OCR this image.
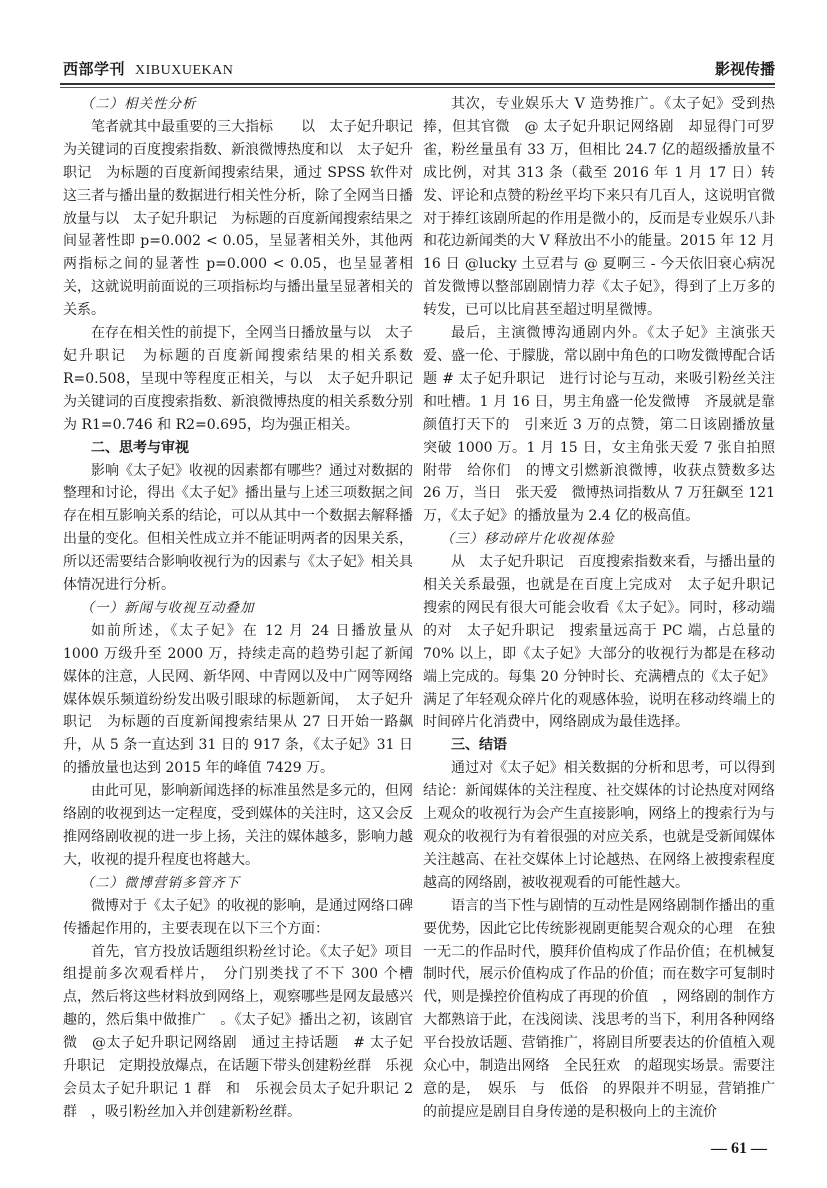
西部学刊 XIBUXUEKAN	影视传播
（二）相关性分析

笔者就其中最重要的三大指标　　以　太子妃升职记　为关键词的百度搜索指数、新浪微博热度和以　太子妃升职记　为标题的百度新闻搜索结果，通过 SPSS 软件对这三者与播出量的数据进行相关性分析，除了全网当日播放量与以　太子妃升职记　为标题的百度新闻搜索结果之间显著性即 p=0.002 < 0.05，呈显著相关外，其他两两指标之间的显著性 p=0.000 < 0.05，也呈显著相关，这就说明前面说的三项指标均与播出量呈显著相关的关系。

在存在相关性的前提下，全网当日播放量与以　太子妃升职记　为标题的百度新闻搜索结果的相关系数 R=0.508，呈现中等程度正相关，与以　太子妃升职记　为关键词的百度搜索指数、新浪微博热度的相关系数分别为 R1=0.746 和 R2=0.695，均为强正相关。

二、思考与审视

影响《太子妃》收视的因素都有哪些？通过对数据的整理和讨论，得出《太子妃》播出量与上述三项数据之间存在相互影响关系的结论，可以从其中一个数据去解释播出量的变化。但相关性成立并不能证明两者的因果关系，所以还需要结合影响收视行为的因素与《太子妃》相关具体情况进行分析。

（一）新闻与收视互动叠加

如前所述，《太子妃》在 12 月 24 日播放量从 1000 万级升至 2000 万，持续走高的趋势引起了新闻媒体的注意，人民网、新华网、中青网以及中广网等网络媒体娱乐频道纷纷发出吸引眼球的标题新闻，　太子妃升职记　为标题的百度新闻搜索结果从 27 日开始一路飙升，从 5 条一直达到 31 日的 917 条，《太子妃》31 日的播放量也达到 2015 年的峰值 7429 万。

由此可见，影响新闻选择的标准虽然是多元的，但网络剧的收视到达一定程度，受到媒体的关注时，这又会反推网络剧收视的进一步上扬，关注的媒体越多，影响力越大，收视的提升程度也将越大。

（二）微博营销多管齐下

微博对于《太子妃》的收视的影响，是通过网络口碑传播起作用的，主要表现在以下三个方面：

首先，官方投放话题组织粉丝讨论。《太子妃》项目组提前多次观看样片，　分门别类找了不下 300 个槽点，然后将这些材料放到网络上，观察哪些是网友最感兴趣的，然后集中做推广　。《太子妃》播出之初，该剧官微　@太子妃升职记网络剧　通过主持话题　# 太子妃升职记　定期投放爆点，在话题下带头创建粉丝群　乐视会员太子妃升职记 1 群　和　乐视会员太子妃升职记 2 群　，吸引粉丝加入并创建新粉丝群。

其次，专业娱乐大 V 造势推广。《太子妃》受到热捧，但其官微　@ 太子妃升职记网络剧　却显得门可罗雀，粉丝量虽有 33 万，但相比 24.7 亿的超级播放量不成比例，对其 313 条（截至 2016 年 1 月 17 日）转发、评论和点赞的粉丝平均下来只有几百人，这说明官微对于捧红该剧所起的作用是微小的，反而是专业娱乐八卦和花边新闻类的大 V 释放出不小的能量。2015 年 12 月 16 日 @lucky 土豆君与 @ 夏啊三 - 今天依旧衰心病况首发微博以整部剧剧情力荐《太子妃》，得到了上万多的转发，已可以比肩甚至超过明星微博。

最后，主演微博沟通剧内外。《太子妃》主演张天爱、盛一伦、于朦胧，常以剧中角色的口吻发微博配合话题 # 太子妃升职记　进行讨论与互动，来吸引粉丝关注和吐槽。1 月 16 日，男主角盛一伦发微博　齐晟就是靠颜值打天下的　引来近 3 万的点赞，第二日该剧播放量突破 1000 万。1 月 15 日，女主角张天爱 7 张自拍照附带　给你们　的博文引燃新浪微博，收获点赞数多达 26 万，当日　张天爱　微博热词指数从 7 万狂飙至 121 万，《太子妃》的播放量为 2.4 亿的极高值。

（三）移动碎片化收视体验

从　太子妃升职记　百度搜索指数来看，与播出量的相关关系最强，也就是在百度上完成对　太子妃升职记　搜索的网民有很大可能会收看《太子妃》。同时，移动端的对　太子妃升职记　搜索量远高于 PC 端，占总量的 70% 以上，即《太子妃》大部分的收视行为都是在移动端上完成的。每集 20 分钟时长、充满槽点的《太子妃》满足了年轻观众碎片化的观感体验，说明在移动终端上的时间碎片化消费中，网络剧成为最佳选择。

三、结语

通过对《太子妃》相关数据的分析和思考，可以得到结论：新闻媒体的关注程度、社交媒体的讨论热度对网络上观众的收视行为会产生直接影响，网络上的搜索行为与观众的收视行为有着很强的对应关系，也就是受新闻媒体关注越高、在社交媒体上讨论越热、在网络上被搜索程度越高的网络剧，被收视观看的可能性越大。

语言的当下性与剧情的互动性是网络剧制作播出的重要优势，因此它比传统影视剧更能契合观众的心理　在独一无二的作品时代，膜拜价值构成了作品价值；在机械复制时代，展示价值构成了作品的价值；而在数字可复制时代，则是操控价值构成了再现的价值　，网络剧的制作方大都熟谙于此，在浅阅读、浅思考的当下，利用各种网络平台投放话题、营销推广，将剧目所要表达的价值植入观众心中，制造出网络　全民狂欢　的超现实场景。需要注意的是，　娱乐　与　低俗　的界限并不明显，营销推广的前提应是剧目自身传递的是积极向上的主流价

— 61 —
